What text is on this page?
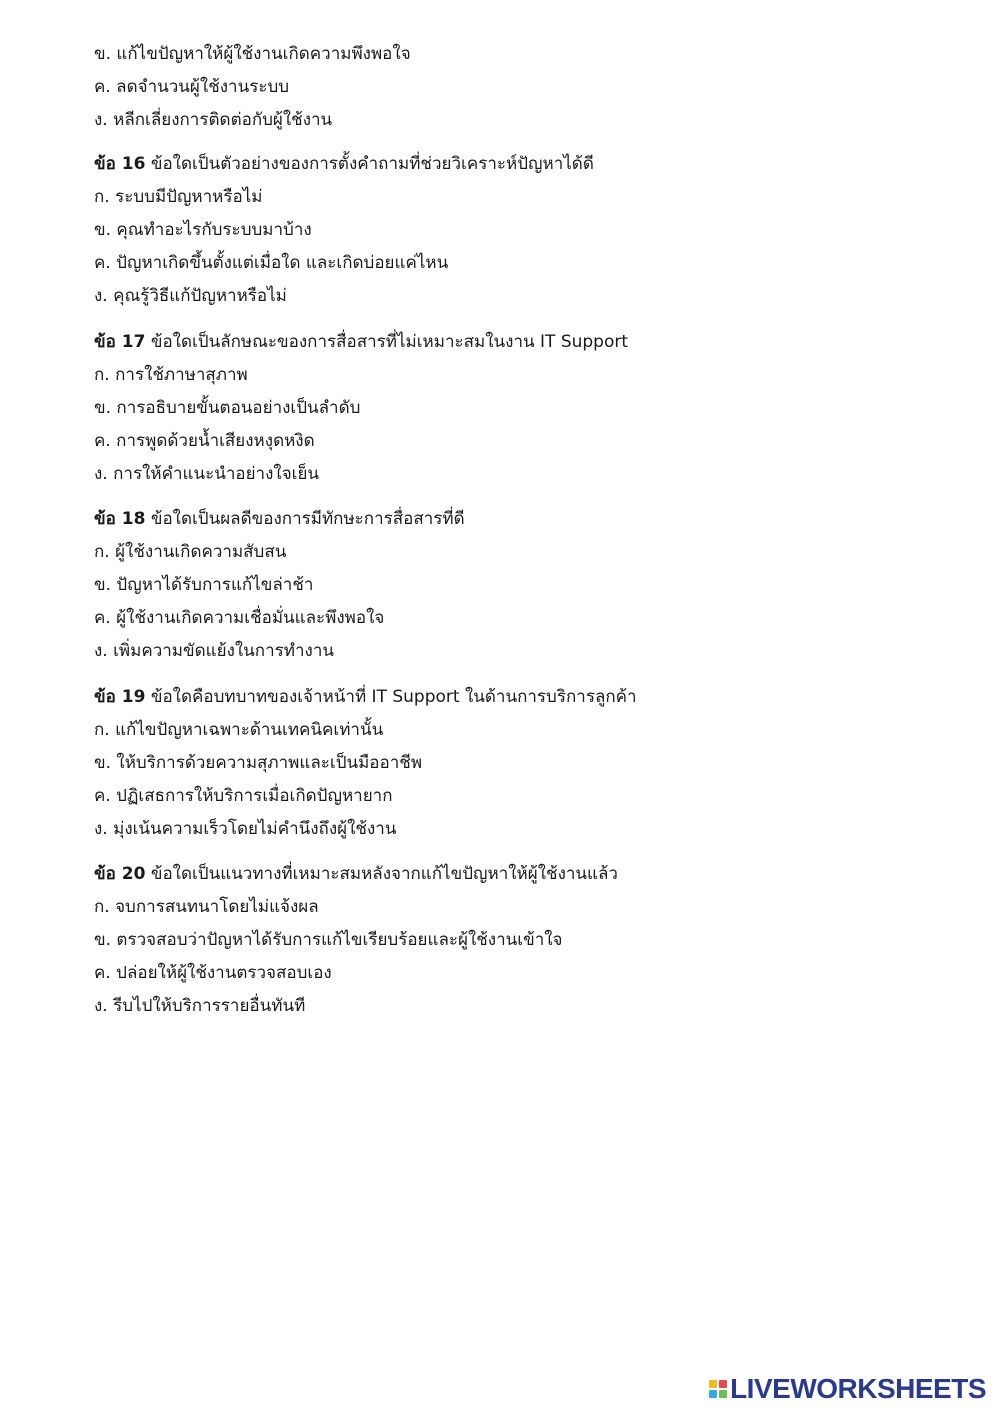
ข. แก้ไขปัญหาให้ผู้ใช้งานเกิดความพึงพอใจ
ค. ลดจำนวนผู้ใช้งานระบบ
ง. หลีกเลี่ยงการติดต่อกับผู้ใช้งาน
ข้อ 16 ข้อใดเป็นตัวอย่างของการตั้งคำถามที่ช่วยวิเคราะห์ปัญหาได้ดี
ก. ระบบมีปัญหาหรือไม่
ข. คุณทำอะไรกับระบบมาบ้าง
ค. ปัญหาเกิดขึ้นตั้งแต่เมื่อใด และเกิดบ่อยแค่ไหน
ง. คุณรู้วิธีแก้ปัญหาหรือไม่
ข้อ 17 ข้อใดเป็นลักษณะของการสื่อสารที่ไม่เหมาะสมในงาน IT Support
ก. การใช้ภาษาสุภาพ
ข. การอธิบายขั้นตอนอย่างเป็นลำดับ
ค. การพูดด้วยน้ำเสียงหงุดหงิด
ง. การให้คำแนะนำอย่างใจเย็น
ข้อ 18 ข้อใดเป็นผลดีของการมีทักษะการสื่อสารที่ดี
ก. ผู้ใช้งานเกิดความสับสน
ข. ปัญหาได้รับการแก้ไขล่าช้า
ค. ผู้ใช้งานเกิดความเชื่อมั่นและพึงพอใจ
ง. เพิ่มความขัดแย้งในการทำงาน
ข้อ 19 ข้อใดคือบทบาทของเจ้าหน้าที่ IT Support ในด้านการบริการลูกค้า
ก. แก้ไขปัญหาเฉพาะด้านเทคนิคเท่านั้น
ข. ให้บริการด้วยความสุภาพและเป็นมืออาชีพ
ค. ปฏิเสธการให้บริการเมื่อเกิดปัญหายาก
ง. มุ่งเน้นความเร็วโดยไม่คำนึงถึงผู้ใช้งาน
ข้อ 20 ข้อใดเป็นแนวทางที่เหมาะสมหลังจากแก้ไขปัญหาให้ผู้ใช้งานแล้ว
ก. จบการสนทนาโดยไม่แจ้งผล
ข. ตรวจสอบว่าปัญหาได้รับการแก้ไขเรียบร้อยและผู้ใช้งานเข้าใจ
ค. ปล่อยให้ผู้ใช้งานตรวจสอบเอง
ง. รีบไปให้บริการรายอื่นทันที
LIVEWORKSHEETS
